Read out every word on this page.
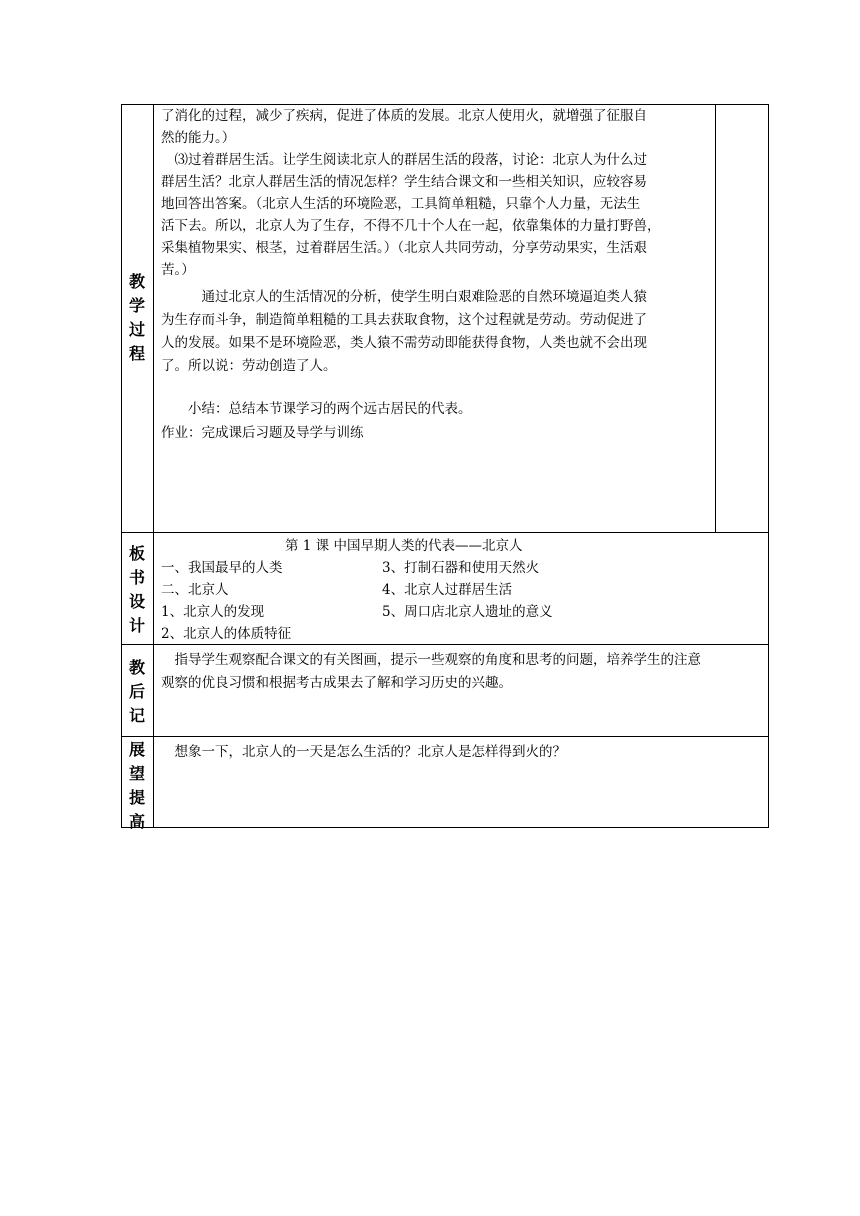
教
学
过
程
了消化的过程，减少了疾病，促进了体质的发展。北京人使用火，就增强了征服自
然的能力。）
　⑶过着群居生活。让学生阅读北京人的群居生活的段落，讨论：北京人为什么过
群居生活？北京人群居生活的情况怎样？学生结合课文和一些相关知识，应较容易
地回答出答案。（北京人生活的环境险恶，工具简单粗糙，只靠个人力量，无法生
活下去。所以，北京人为了生存，不得不几十个人在一起，依靠集体的力量打野兽，
采集植物果实、根茎，过着群居生活。）（北京人共同劳动，分享劳动果实，生活艰
苦。）
　　　通过北京人的生活情况的分析，使学生明白艰难险恶的自然环境逼迫类人猿
为生存而斗争，制造简单粗糙的工具去获取食物，这个过程就是劳动。劳动促进了
人的发展。如果不是环境险恶，类人猿不需劳动即能获得食物，人类也就不会出现
了。所以说：劳动创造了人。
　　小结：总结本节课学习的两个远古居民的代表。
作业：完成课后习题及导学与训练
板
书
设
计
第 1 课 中国早期人类的代表——北京人
一、我国最早的人类
二、北京人
1、北京人的发现
2、北京人的体质特征
3、打制石器和使用天然火
4、北京人过群居生活
5、周口店北京人遗址的意义
教
后
记
　指导学生观察配合课文的有关图画，提示一些观察的角度和思考的问题，培养学生的注意
观察的优良习惯和根据考古成果去了解和学习历史的兴趣。
展
望
提
高
　想象一下，北京人的一天是怎么生活的？北京人是怎样得到火的？
